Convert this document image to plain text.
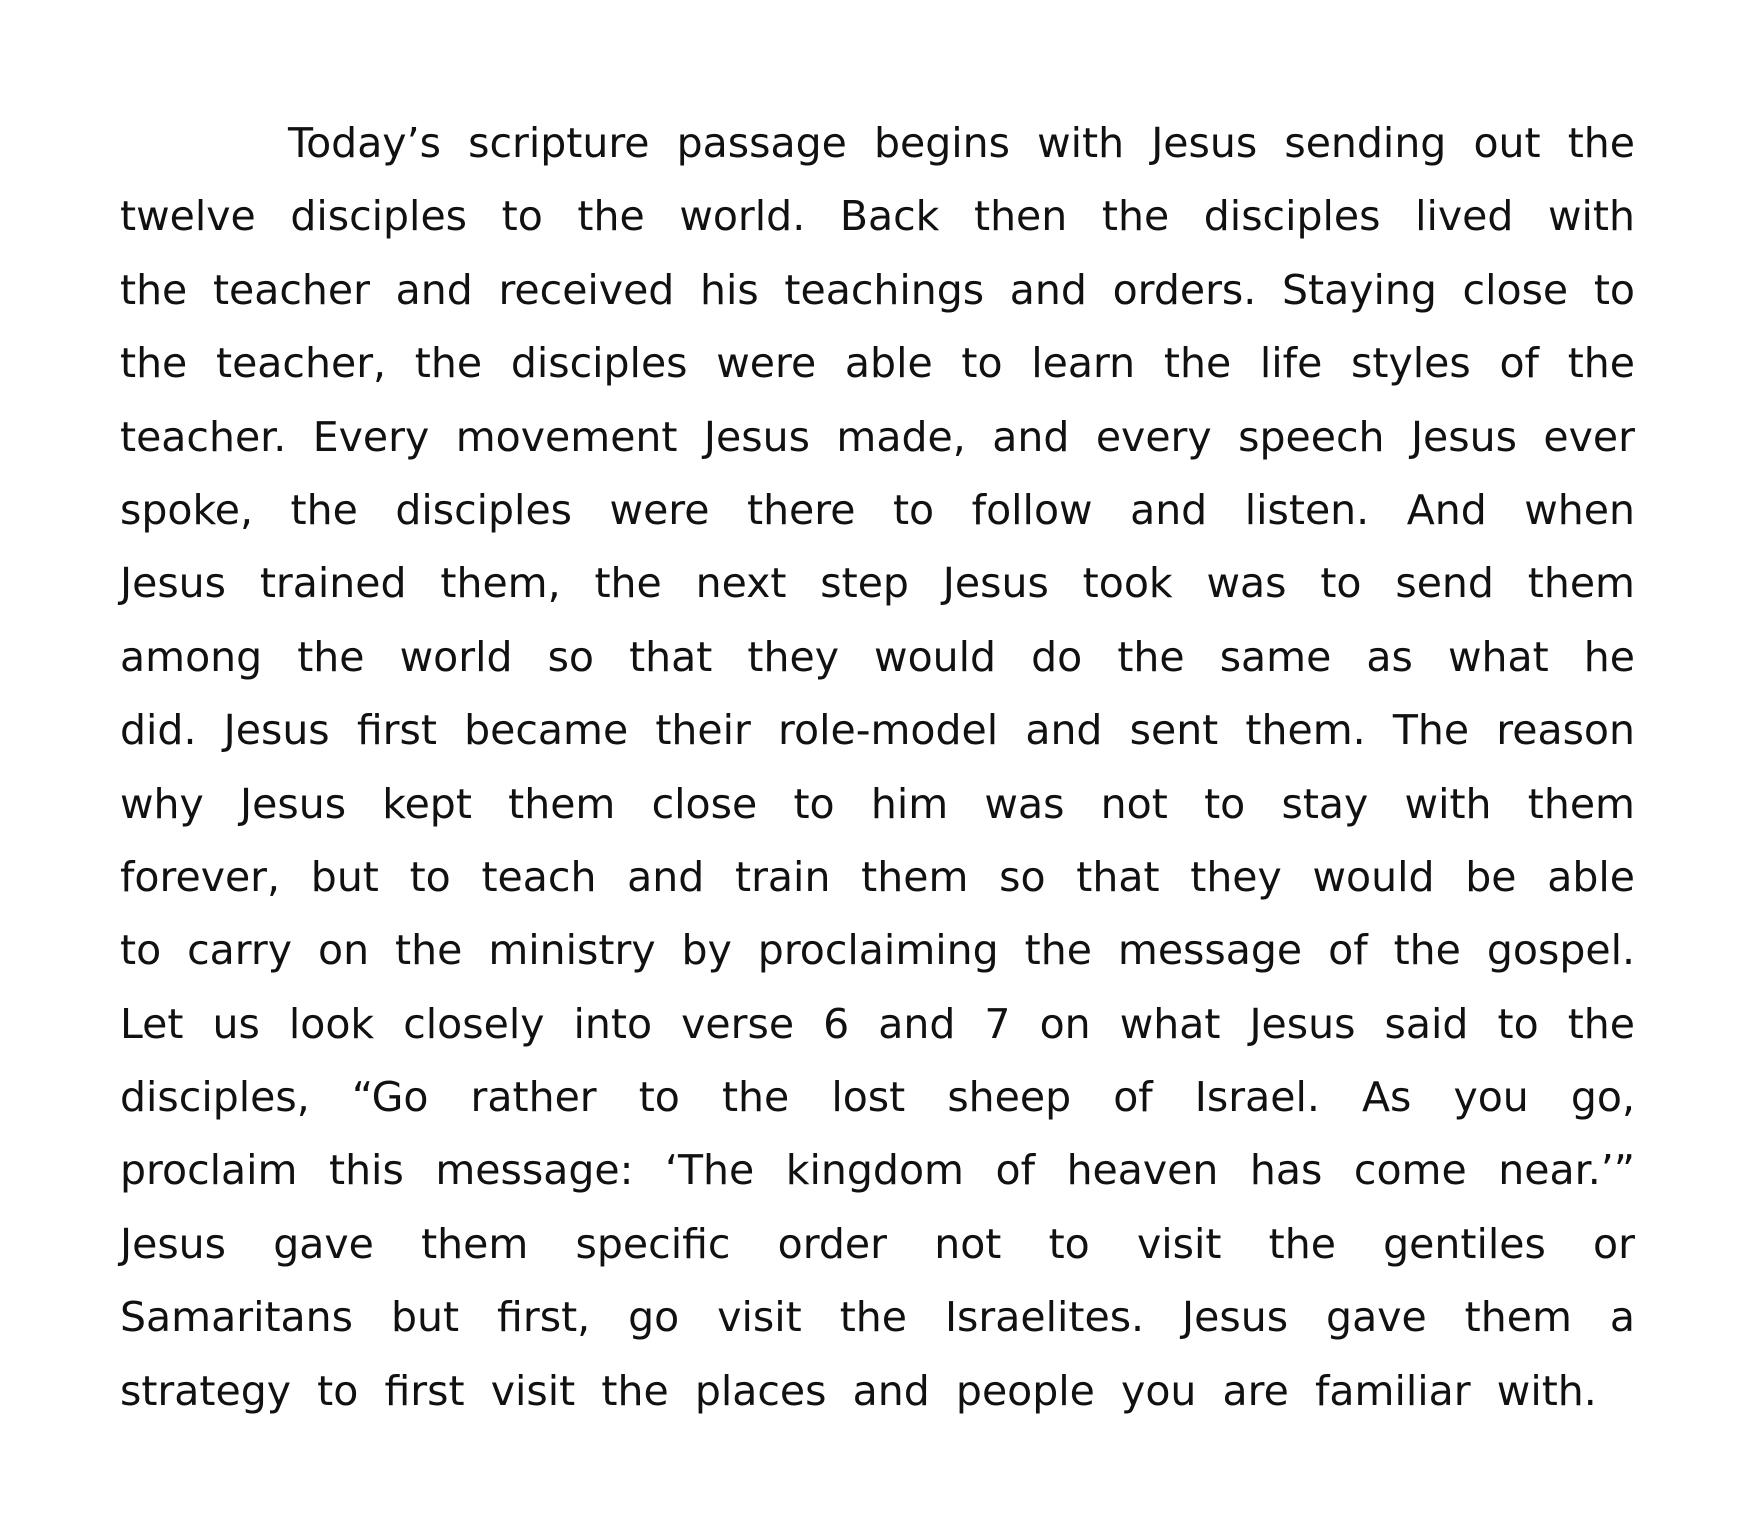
Today’s scripture passage begins with Jesus sending out the
twelve disciples to the world. Back then the disciples lived with
the teacher and received his teachings and orders. Staying close to
the teacher, the disciples were able to learn the life styles of the
teacher. Every movement Jesus made, and every speech Jesus ever
spoke, the disciples were there to follow and listen. And when
Jesus trained them, the next step Jesus took was to send them
among the world so that they would do the same as what he
did. Jesus first became their role-model and sent them. The reason
why Jesus kept them close to him was not to stay with them
forever, but to teach and train them so that they would be able
to carry on the ministry by proclaiming the message of the gospel.
Let us look closely into verse 6 and 7 on what Jesus said to the
disciples, “Go rather to the lost sheep of Israel. As you go,
proclaim this message: ‘The kingdom of heaven has come near.’”
Jesus gave them specific order not to visit the gentiles or
Samaritans but first, go visit the Israelites. Jesus gave them a
strategy to first visit the places and people you are familiar with.
